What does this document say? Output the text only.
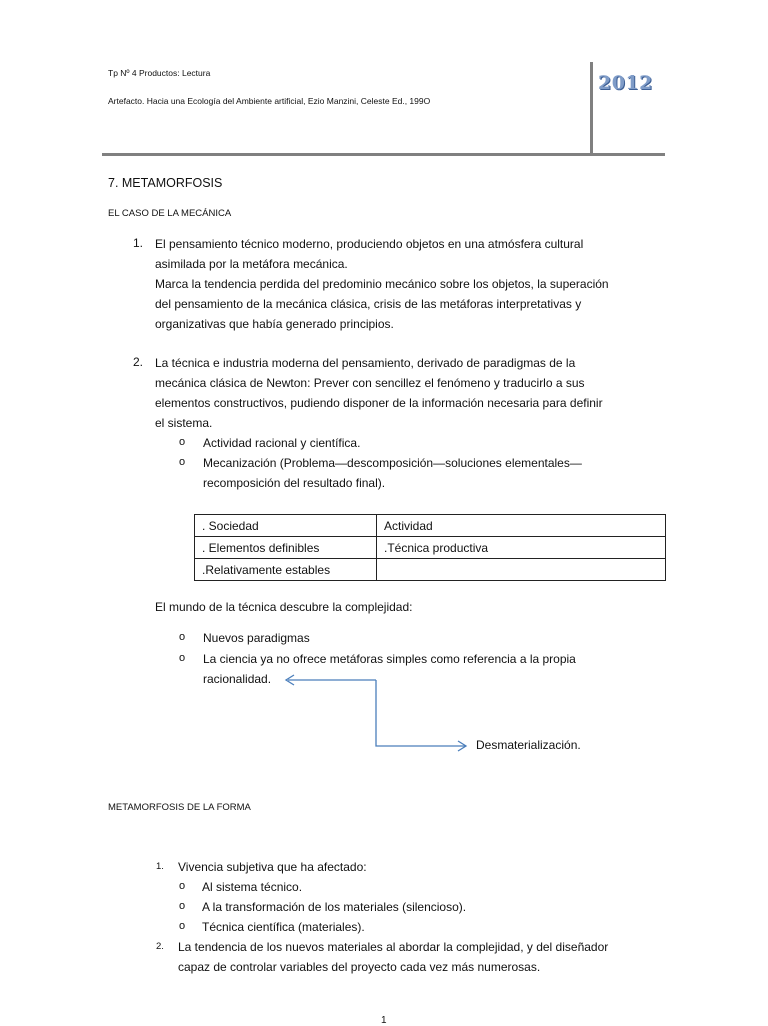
Tp Nº 4 Productos: Lectura
Artefacto. Hacia una Ecología del Ambiente artificial, Ezio Manzini, Celeste Ed., 199O
2012
7. METAMORFOSIS
EL CASO DE LA MECÁNICA
1. El pensamiento técnico moderno, produciendo objetos en una atmósfera cultural
asimilada por la metáfora mecánica.
Marca la tendencia perdida del predominio mecánico sobre los objetos, la superación
del pensamiento de la mecánica clásica, crisis de las metáforas interpretativas y
organizativas que había generado principios.
2. La técnica e industria moderna del pensamiento, derivado de paradigmas de la
mecánica clásica de Newton: Prever con sencillez el fenómeno y traducirlo a sus
elementos constructivos, pudiendo disponer de la información necesaria para definir
el sistema.
o Actividad racional y científica.
o Mecanización (Problema—descomposición—soluciones elementales—
recomposición del resultado final).
. Sociedad	Actividad
. Elementos definibles	.Técnica productiva
.Relativamente estables	
El mundo de la técnica descubre la complejidad:
o Nuevos paradigmas
o La ciencia ya no ofrece metáforas simples como referencia a la propia
racionalidad.
Desmaterialización.
METAMORFOSIS DE LA FORMA
1. Vivencia subjetiva que ha afectado:
o Al sistema técnico.
o A la transformación de los materiales (silencioso).
o Técnica científica (materiales).
2. La tendencia de los nuevos materiales al abordar la complejidad, y del diseñador
capaz de controlar variables del proyecto cada vez más numerosas.
1
